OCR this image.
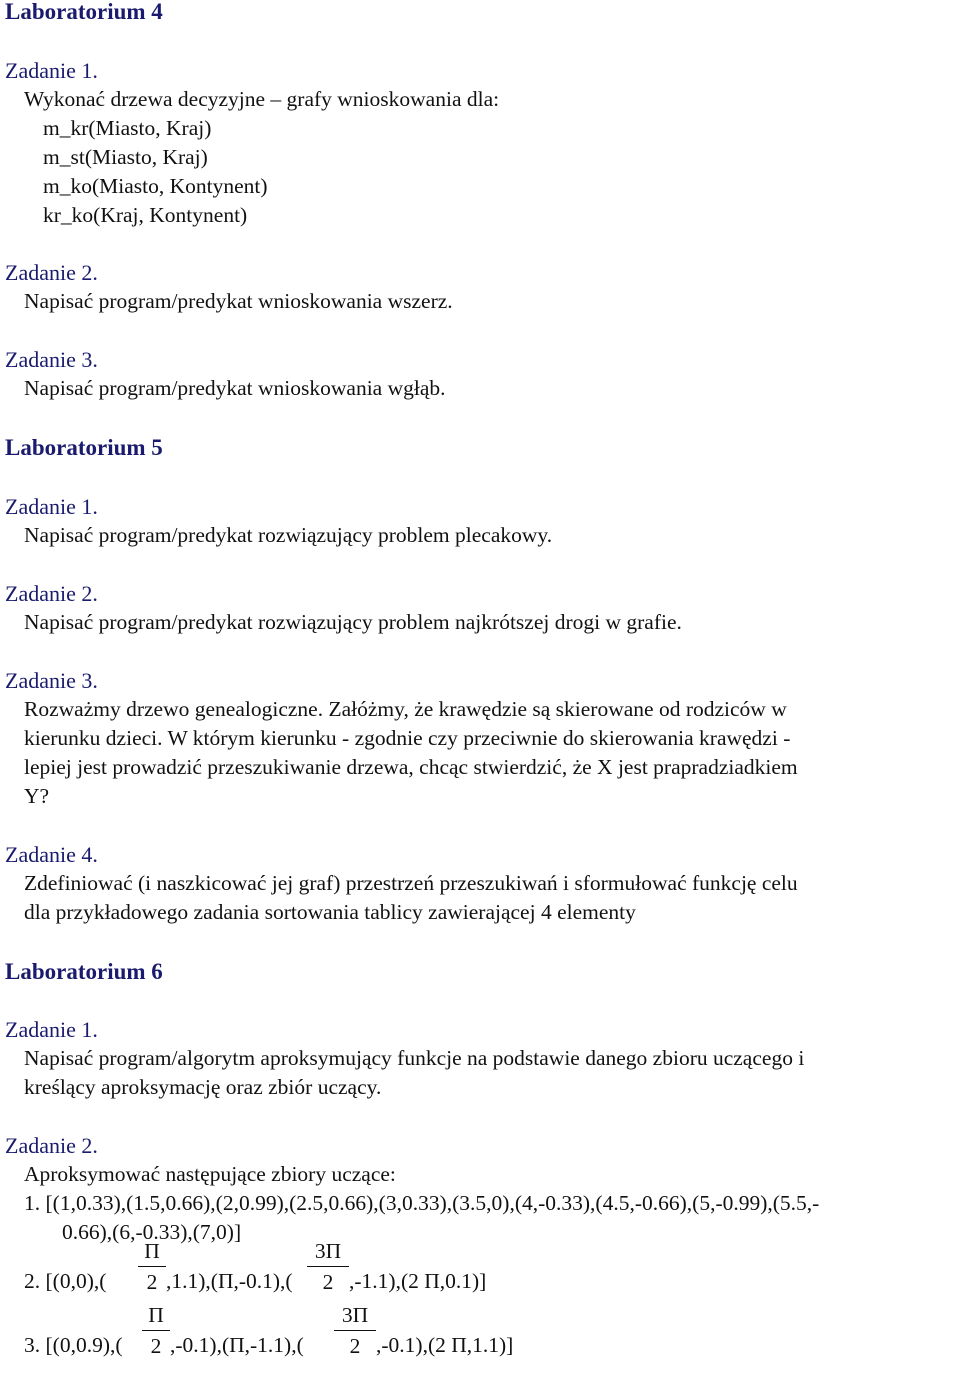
Laboratorium 4
Zadanie 1.
Wykonać drzewa decyzyjne – grafy wnioskowania dla:
m_kr(Miasto, Kraj)
m_st(Miasto, Kraj)
m_ko(Miasto, Kontynent)
kr_ko(Kraj, Kontynent)
Zadanie 2.
Napisać program/predykat wnioskowania wszerz.
Zadanie 3.
Napisać program/predykat wnioskowania wgłąb.
Laboratorium 5
Zadanie 1.
Napisać program/predykat rozwiązujący problem plecakowy.
Zadanie 2.
Napisać program/predykat rozwiązujący problem najkrótszej drogi w grafie.
Zadanie 3.
Rozważmy drzewo genealogiczne. Załóżmy, że krawędzie są skierowane od rodziców w
kierunku dzieci. W którym kierunku - zgodnie czy przeciwnie do skierowania krawędzi -
lepiej jest prowadzić przeszukiwanie drzewa, chcąc stwierdzić, że X jest prapradziadkiem
Y?
Zadanie 4.
Zdefiniować (i naszkicować jej graf) przestrzeń przeszukiwań i sformułować funkcję celu
dla przykładowego zadania sortowania tablicy zawierającej 4 elementy
Laboratorium 6
Zadanie 1.
Napisać program/algorytm aproksymujący funkcje na podstawie danego zbioru uczącego i
kreślący aproksymację oraz zbiór uczący.
Zadanie 2.
Aproksymować następujące zbiory uczące:
1. [(1,0.33),(1.5,0.66),(2,0.99),(2.5,0.66),(3,0.33),(3.5,0),(4,-0.33),(4.5,-0.66),(5,-0.99),(5.5,-
0.66),(6,-0.33),(7,0)]
2. [(0,0),(
Π
2 ,1.1),(Π,-0.1),(
3Π
2 ,-1.1),(2 Π,0.1)]
3. [(0,0.9),(
Π
2 ,-0.1),(Π,-1.1),(
3Π
2 ,-0.1),(2 Π,1.1)]
